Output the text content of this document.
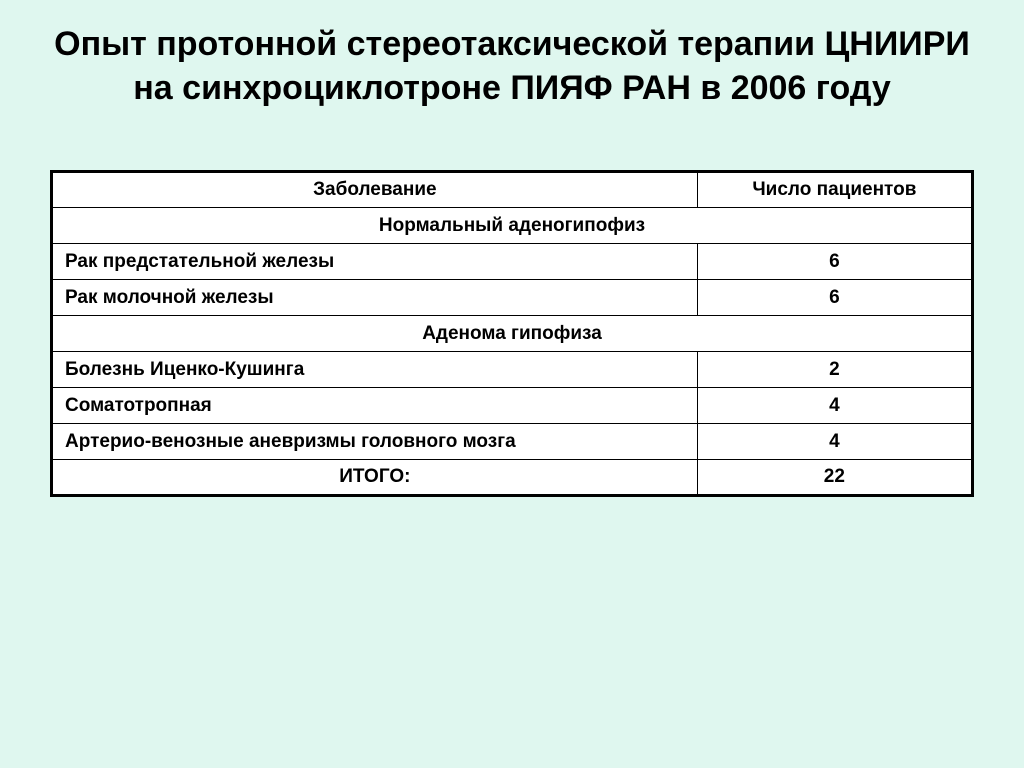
Опыт протонной стереотаксической терапии ЦНИИРИ
на синхроциклотроне ПИЯФ РАН в 2006 году
Заболевание	Число пациентов
Нормальный аденогипофиз	
Рак предстательной железы	6
Рак молочной железы	6
Аденома гипофиза	
Болезнь Иценко-Кушинга	2
Соматотропная	4
Артерио-венозные аневризмы головного мозга	4
ИТОГО:	22
